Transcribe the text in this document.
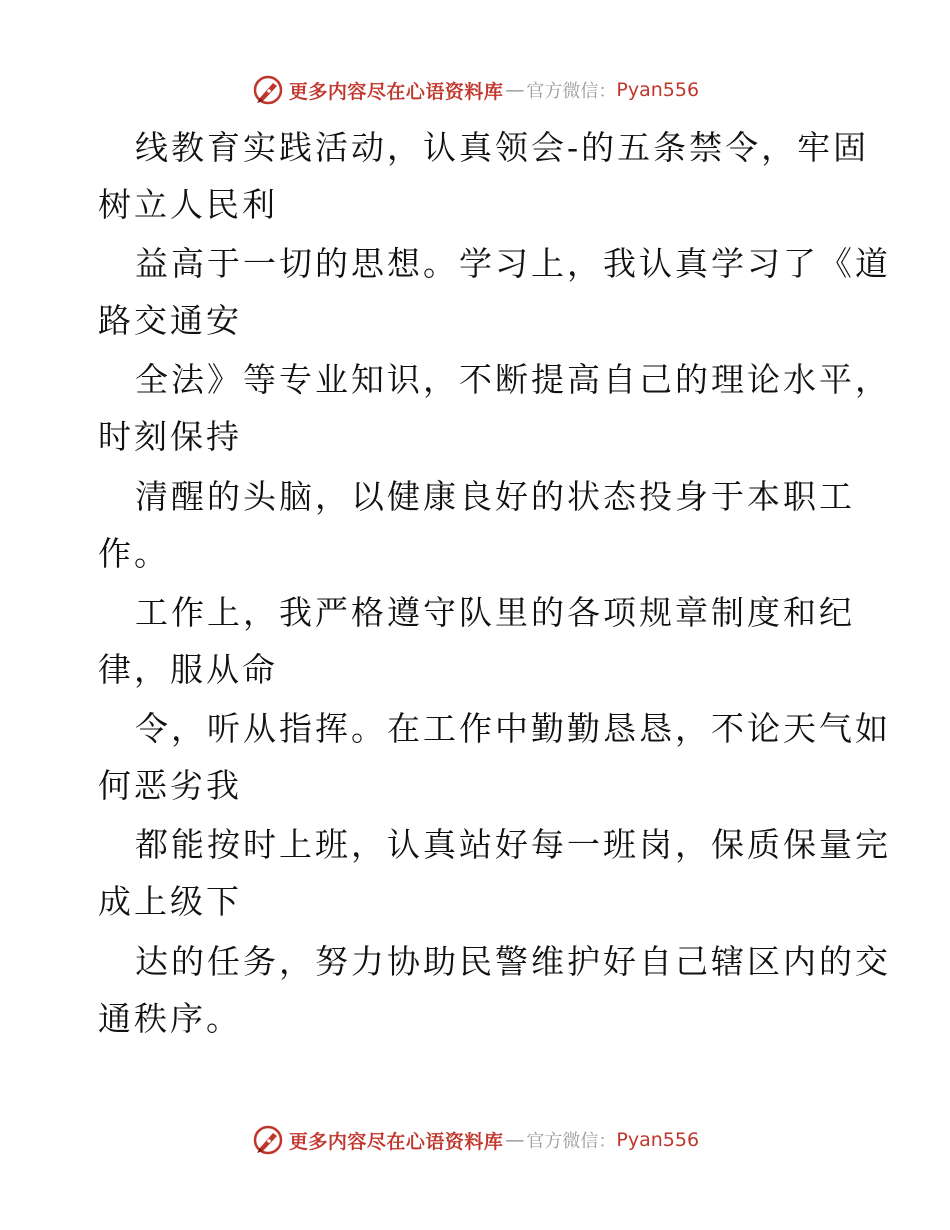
更多内容尽在心语资料库 — 官方微信： Pyan556
线教育实践活动，认真领会-的五条禁令，牢固
树立人民利
益高于一切的思想。学习上，我认真学习了《道
路交通安
全法》等专业知识，不断提高自己的理论水平，
时刻保持
清醒的头脑，以健康良好的状态投身于本职工
作。
工作上，我严格遵守队里的各项规章制度和纪
律，服从命
令，听从指挥。在工作中勤勤恳恳，不论天气如
何恶劣我
都能按时上班，认真站好每一班岗，保质保量完
成上级下
达的任务，努力协助民警维护好自己辖区内的交
通秩序。
更多内容尽在心语资料库 — 官方微信： Pyan556
